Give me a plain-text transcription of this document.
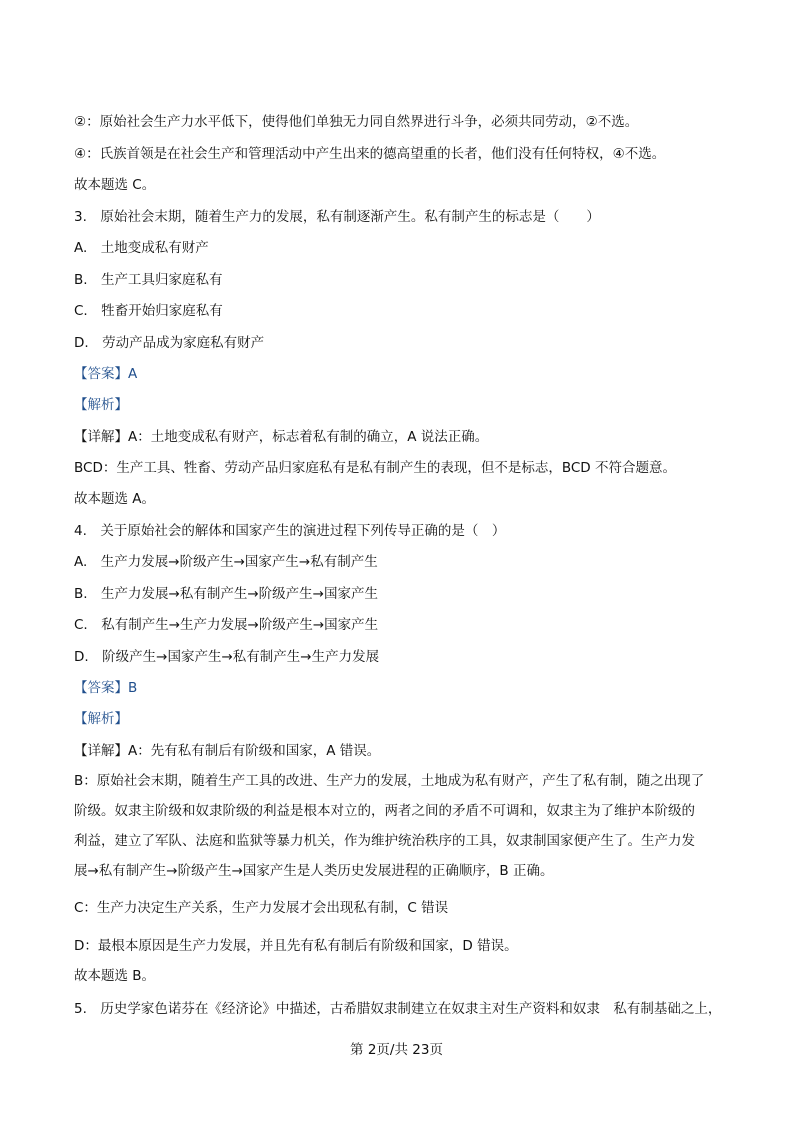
②：原始社会生产力水平低下，使得他们单独无力同自然界进行斗争，必须共同劳动，②不选。
④：氏族首领是在社会生产和管理活动中产生出来的德高望重的长者，他们没有任何特权，④不选。
故本题选 C。
3.　原始社会末期，随着生产力的发展，私有制逐渐产生。私有制产生的标志是（　　）
A.　土地变成私有财产
B.　生产工具归家庭私有
C.　牲畜开始归家庭私有
D.　劳动产品成为家庭私有财产
【答案】A
【解析】
【详解】A：土地变成私有财产，标志着私有制的确立，A 说法正确。
BCD：生产工具、牲畜、劳动产品归家庭私有是私有制产生的表现，但不是标志，BCD 不符合题意。
故本题选 A。
4.　关于原始社会的解体和国家产生的演进过程下列传导正确的是（　）
A.　生产力发展→阶级产生→国家产生→私有制产生
B.　生产力发展→私有制产生→阶级产生→国家产生
C.　私有制产生→生产力发展→阶级产生→国家产生
D.　阶级产生→国家产生→私有制产生→生产力发展
【答案】B
【解析】
【详解】A：先有私有制后有阶级和国家，A 错误。
B：原始社会末期，随着生产工具的改进、生产力的发展，土地成为私有财产，产生了私有制，随之出现了
阶级。奴隶主阶级和奴隶阶级的利益是根本对立的，两者之间的矛盾不可调和，奴隶主为了维护本阶级的
利益，建立了军队、法庭和监狱等暴力机关，作为维护统治秩序的工具，奴隶制国家便产生了。生产力发
展→私有制产生→阶级产生→国家产生是人类历史发展进程的正确顺序，B 正确。
C：生产力决定生产关系，生产力发展才会出现私有制，C 错误
D：最根本原因是生产力发展，并且先有私有制后有阶级和国家，D 错误。
故本题选 B。
5.　历史学家色诺芬在《经济论》中描述，古希腊奴隶制建立在奴隶主对生产资料和奴隶　私有制基础之上，
第 2页/共 23页
